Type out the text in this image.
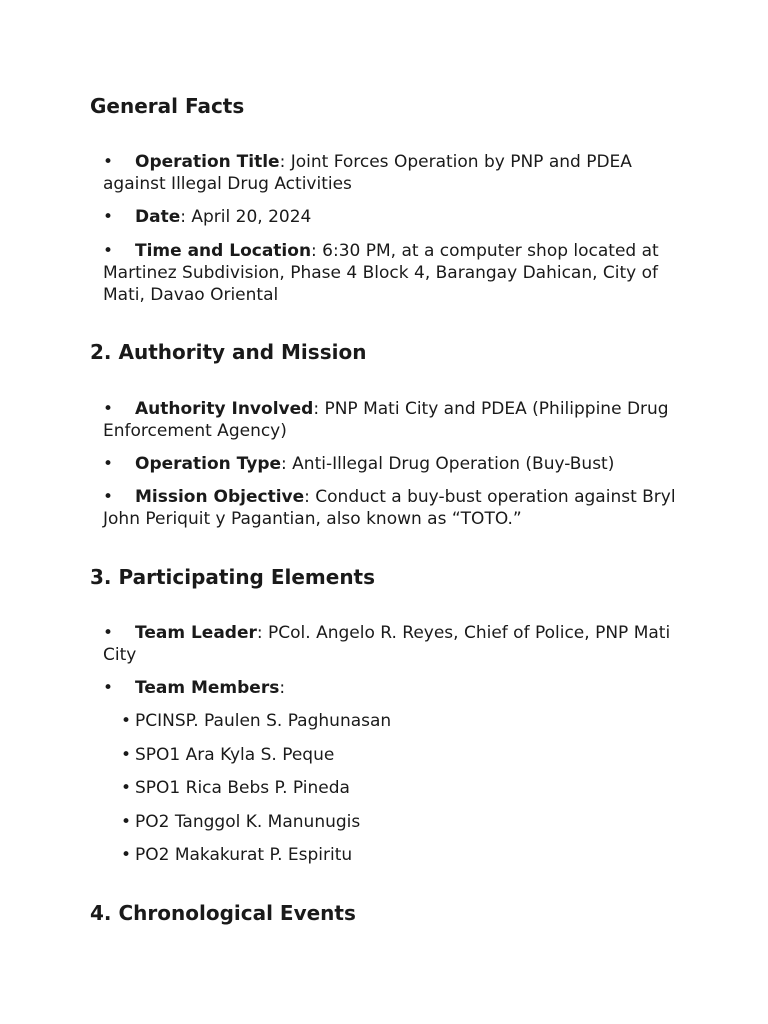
General Facts

• Operation Title: Joint Forces Operation by PNP and PDEA against Illegal Drug Activities

• Date: April 20, 2024

• Time and Location: 6:30 PM, at a computer shop located at Martinez Subdivision, Phase 4 Block 4, Barangay Dahican, City of Mati, Davao Oriental

2. Authority and Mission

• Authority Involved: PNP Mati City and PDEA (Philippine Drug Enforcement Agency)

• Operation Type: Anti-Illegal Drug Operation (Buy-Bust)

• Mission Objective: Conduct a buy-bust operation against Bryl John Periquit y Pagantian, also known as “TOTO.”

3. Participating Elements

• Team Leader: PCol. Angelo R. Reyes, Chief of Police, PNP Mati City

• Team Members:

• PCINSP. Paulen S. Paghunasan

• SPO1 Ara Kyla S. Peque

• SPO1 Rica Bebs P. Pineda

• PO2 Tanggol K. Manunugis

• PO2 Makakurat P. Espiritu

4. Chronological Events
